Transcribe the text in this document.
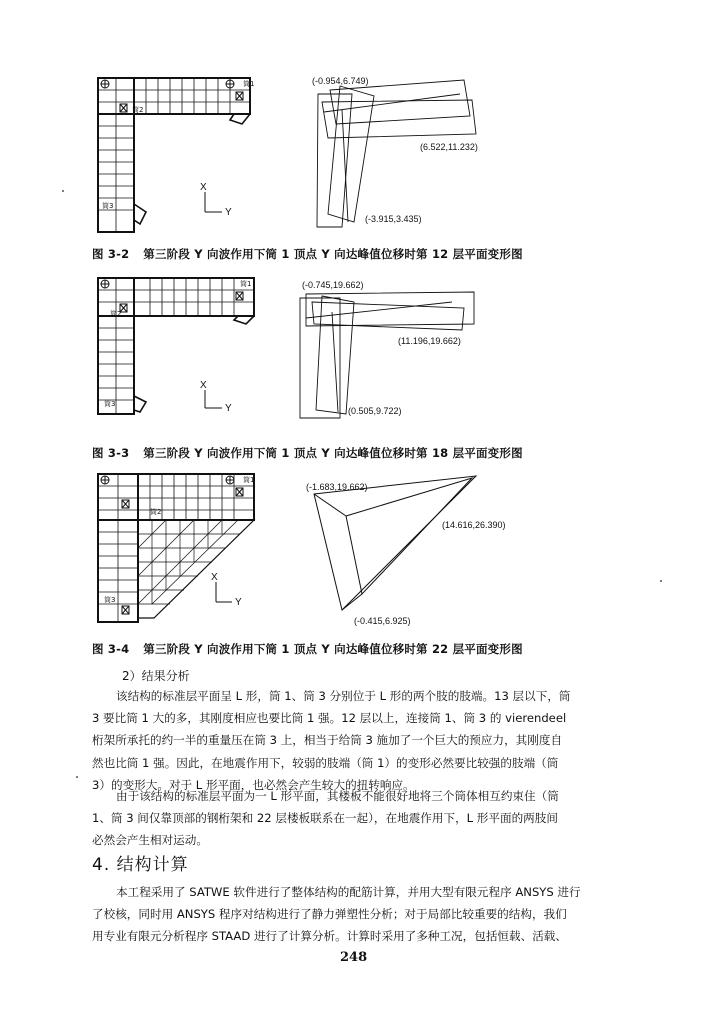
筒1
筒2
筒3
X
Y
(-0.954,6.749)
(6.522,11.232)
(-3.915,3.435)
图 3-2 第三阶段 Y 向波作用下筒 1 顶点 Y 向达峰值位移时第 12 层平面变形图
筒1
筒2
筒3
X
Y
(-0.745,19.662)
(11.196,19.662)
(0.505,9.722)
图 3-3 第三阶段 Y 向波作用下筒 1 顶点 Y 向达峰值位移时第 18 层平面变形图
筒1
筒2
筒3
X
Y
(-1.683,19.662)
(14.616,26.390)
(-0.415,6.925)
图 3-4 第三阶段 Y 向波作用下筒 1 顶点 Y 向达峰值位移时第 22 层平面变形图
2）结果分析
该结构的标准层平面呈 L 形，筒 1、筒 3 分别位于 L 形的两个肢的肢端。13 层以下，筒
3 要比筒 1 大的多，其刚度相应也要比筒 1 强。12 层以上，连接筒 1、筒 3 的 vierendeel
桁架所承托的约一半的重量压在筒 3 上，相当于给筒 3 施加了一个巨大的预应力，其刚度自
然也比筒 1 强。因此，在地震作用下，较弱的肢端（筒 1）的变形必然要比较强的肢端（筒
3）的变形大。对于 L 形平面，也必然会产生较大的扭转响应。
由于该结构的标准层平面为一 L 形平面，其楼板不能很好地将三个筒体相互约束住（筒
1、筒 3 间仅靠顶部的钢桁架和 22 层楼板联系在一起），在地震作用下，L 形平面的两肢间
必然会产生相对运动。
4. 结构计算
本工程采用了 SATWE 软件进行了整体结构的配筋计算，并用大型有限元程序 ANSYS 进行
了校核，同时用 ANSYS 程序对结构进行了静力弹塑性分析；对于局部比较重要的结构，我们
用专业有限元分析程序 STAAD 进行了计算分析。计算时采用了多种工况，包括恒载、活载、
248
